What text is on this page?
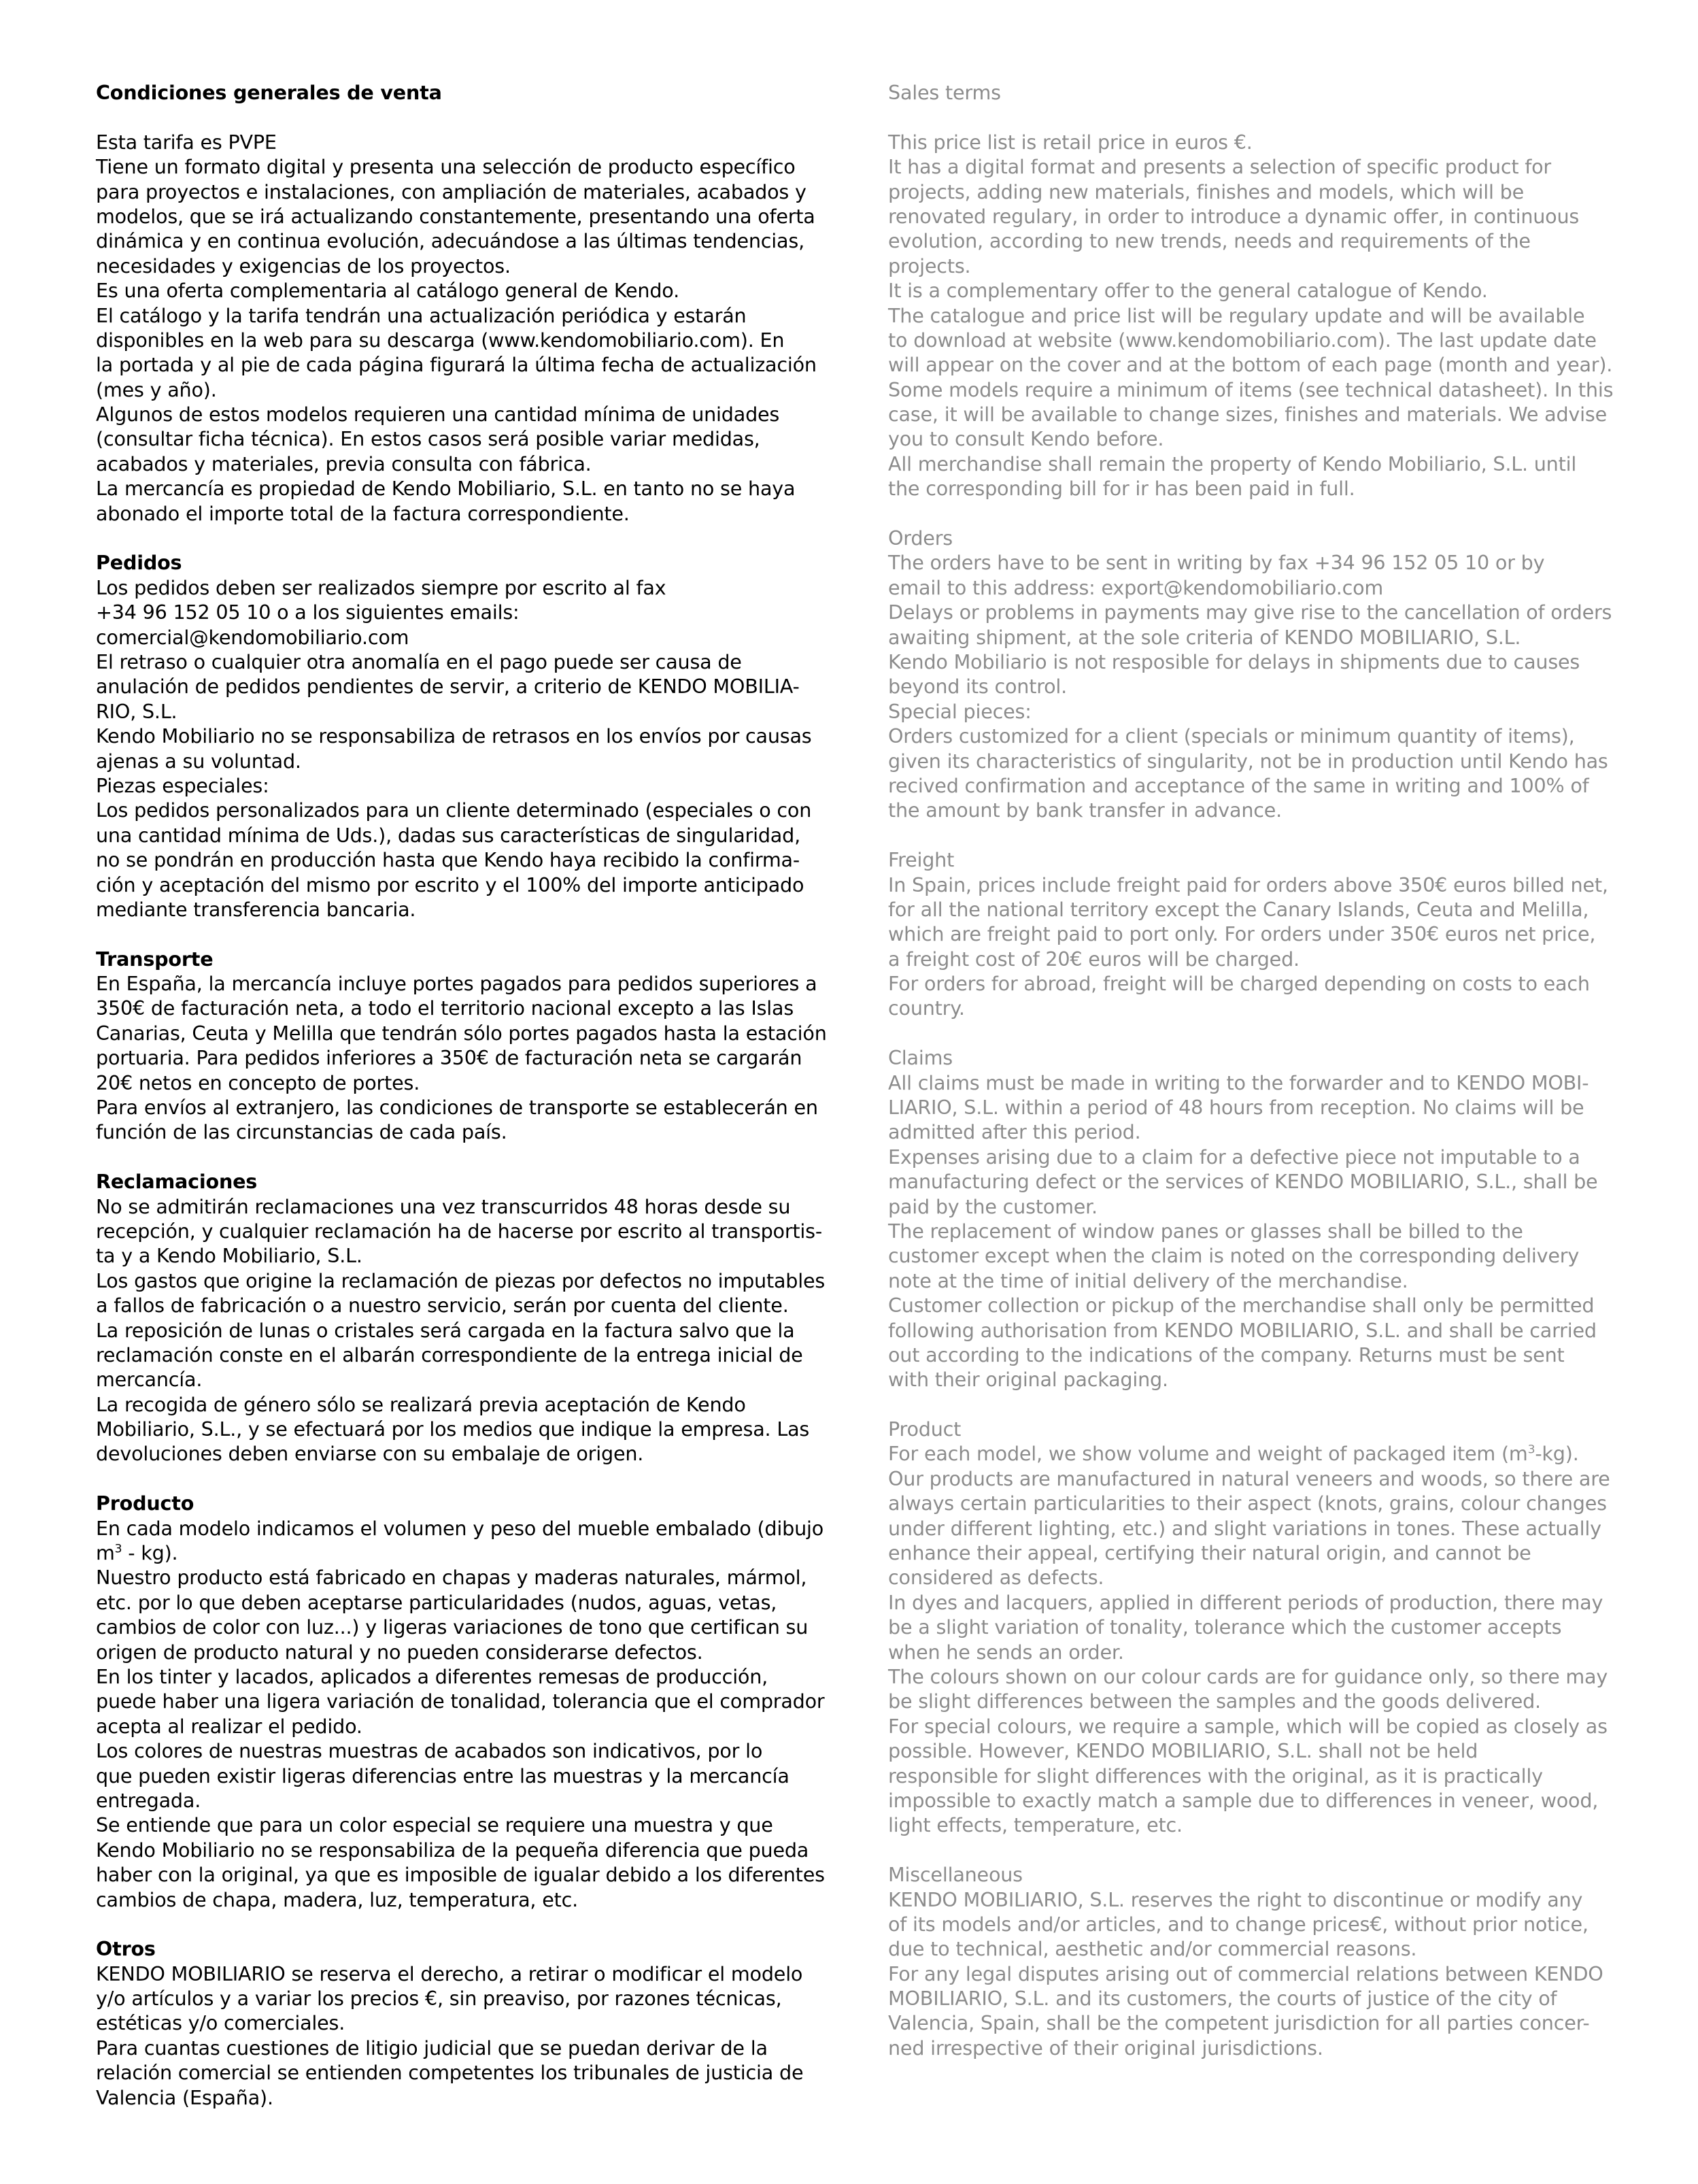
Condiciones generales de venta
Esta tarifa es PVPE
Tiene un formato digital y presenta una selección de producto específico
para proyectos e instalaciones, con ampliación de materiales, acabados y
modelos, que se irá actualizando constantemente, presentando una oferta
dinámica y en continua evolución, adecuándose a las últimas tendencias,
necesidades y exigencias de los proyectos.
Es una oferta complementaria al catálogo general de Kendo.
El catálogo y la tarifa tendrán una actualización periódica y estarán
disponibles en la web para su descarga (www.kendomobiliario.com). En
la portada y al pie de cada página figurará la última fecha de actualización
(mes y año).
Algunos de estos modelos requieren una cantidad mínima de unidades
(consultar ficha técnica). En estos casos será posible variar medidas,
acabados y materiales, previa consulta con fábrica.
La mercancía es propiedad de Kendo Mobiliario, S.L. en tanto no se haya
abonado el importe total de la factura correspondiente.
Pedidos
Los pedidos deben ser realizados siempre por escrito al fax
+34 96 152 05 10 o a los siguientes emails:
comercial@kendomobiliario.com
El retraso o cualquier otra anomalía en el pago puede ser causa de
anulación de pedidos pendientes de servir, a criterio de KENDO MOBILIA-
RIO, S.L.
Kendo Mobiliario no se responsabiliza de retrasos en los envíos por causas
ajenas a su voluntad.
Piezas especiales:
Los pedidos personalizados para un cliente determinado (especiales o con
una cantidad mínima de Uds.), dadas sus características de singularidad,
no se pondrán en producción hasta que Kendo haya recibido la confirma-
ción y aceptación del mismo por escrito y el 100% del importe anticipado
mediante transferencia bancaria.
Transporte
En España, la mercancía incluye portes pagados para pedidos superiores a
350€ de facturación neta, a todo el territorio nacional excepto a las Islas
Canarias, Ceuta y Melilla que tendrán sólo portes pagados hasta la estación
portuaria. Para pedidos inferiores a 350€ de facturación neta se cargarán
20€ netos en concepto de portes.
Para envíos al extranjero, las condiciones de transporte se establecerán en
función de las circunstancias de cada país.
Reclamaciones
No se admitirán reclamaciones una vez transcurridos 48 horas desde su
recepción, y cualquier reclamación ha de hacerse por escrito al transportis-
ta y a Kendo Mobiliario, S.L.
Los gastos que origine la reclamación de piezas por defectos no imputables
a fallos de fabricación o a nuestro servicio, serán por cuenta del cliente.
La reposición de lunas o cristales será cargada en la factura salvo que la
reclamación conste en el albarán correspondiente de la entrega inicial de
mercancía.
La recogida de género sólo se realizará previa aceptación de Kendo
Mobiliario, S.L., y se efectuará por los medios que indique la empresa. Las
devoluciones deben enviarse con su embalaje de origen.
Producto
En cada modelo indicamos el volumen y peso del mueble embalado (dibujo
$m^3 - kg$).
Nuestro producto está fabricado en chapas y maderas naturales, mármol,
etc. por lo que deben aceptarse particularidades (nudos, aguas, vetas,
cambios de color con luz...) y ligeras variaciones de tono que certifican su
origen de producto natural y no pueden considerarse defectos.
En los tinter y lacados, aplicados a diferentes remesas de producción,
puede haber una ligera variación de tonalidad, tolerancia que el comprador
acepta al realizar el pedido.
Los colores de nuestras muestras de acabados son indicativos, por lo
que pueden existir ligeras diferencias entre las muestras y la mercancía
entregada.
Se entiende que para un color especial se requiere una muestra y que
Kendo Mobiliario no se responsabiliza de la pequeña diferencia que pueda
haber con la original, ya que es imposible de igualar debido a los diferentes
cambios de chapa, madera, luz, temperatura, etc.
Otros
KENDO MOBILIARIO se reserva el derecho, a retirar o modificar el modelo
y/o artículos y a variar los precios €, sin preaviso, por razones técnicas,
estéticas y/o comerciales.
Para cuantas cuestiones de litigio judicial que se puedan derivar de la
relación comercial se entienden competentes los tribunales de justicia de
Valencia (España).
Sales terms
This price list is retail price in euros €.
It has a digital format and presents a selection of specific product for
projects, adding new materials, finishes and models, which will be
renovated regulary, in order to introduce a dynamic offer, in continuous
evolution, according to new trends, needs and requirements of the
projects.
It is a complementary offer to the general catalogue of Kendo.
The catalogue and price list will be regulary update and will be available
to download at website (www.kendomobiliario.com). The last update date
will appear on the cover and at the bottom of each page (month and year).
Some models require a minimum of items (see technical datasheet). In this
case, it will be available to change sizes, finishes and materials. We advise
you to consult Kendo before.
All merchandise shall remain the property of Kendo Mobiliario, S.L. until
the corresponding bill for ir has been paid in full.
Orders
The orders have to be sent in writing by fax +34 96 152 05 10 or by
email to this address: export@kendomobiliario.com
Delays or problems in payments may give rise to the cancellation of orders
awaiting shipment, at the sole criteria of KENDO MOBILIARIO, S.L.
Kendo Mobiliario is not resposible for delays in shipments due to causes
beyond its control.
Special pieces:
Orders customized for a client (specials or minimum quantity of items),
given its characteristics of singularity, not be in production until Kendo has
recived confirmation and acceptance of the same in writing and 100% of
the amount by bank transfer in advance.
Freight
In Spain, prices include freight paid for orders above 350€ euros billed net,
for all the national territory except the Canary Islands, Ceuta and Melilla,
which are freight paid to port only. For orders under 350€ euros net price,
a freight cost of 20€ euros will be charged.
For orders for abroad, freight will be charged depending on costs to each
country.
Claims
All claims must be made in writing to the forwarder and to KENDO MOBI-
LIARIO, S.L. within a period of 48 hours from reception. No claims will be
admitted after this period.
Expenses arising due to a claim for a defective piece not imputable to a
manufacturing defect or the services of KENDO MOBILIARIO, S.L., shall be
paid by the customer.
The replacement of window panes or glasses shall be billed to the
customer except when the claim is noted on the corresponding delivery
note at the time of initial delivery of the merchandise.
Customer collection or pickup of the merchandise shall only be permitted
following authorisation from KENDO MOBILIARIO, S.L. and shall be carried
out according to the indications of the company. Returns must be sent
with their original packaging.
Product
For each model, we show volume and weight of packaged item $(m^3-kg)$.
Our products are manufactured in natural veneers and woods, so there are
always certain particularities to their aspect (knots, grains, colour changes
under different lighting, etc.) and slight variations in tones. These actually
enhance their appeal, certifying their natural origin, and cannot be
considered as defects.
In dyes and lacquers, applied in different periods of production, there may
be a slight variation of tonality, tolerance which the customer accepts
when he sends an order.
The colours shown on our colour cards are for guidance only, so there may
be slight differences between the samples and the goods delivered.
For special colours, we require a sample, which will be copied as closely as
possible. However, KENDO MOBILIARIO, S.L. shall not be held
responsible for slight differences with the original, as it is practically
impossible to exactly match a sample due to differences in veneer, wood,
light effects, temperature, etc.
Miscellaneous
KENDO MOBILIARIO, S.L. reserves the right to discontinue or modify any
of its models and/or articles, and to change prices€, without prior notice,
due to technical, aesthetic and/or commercial reasons.
For any legal disputes arising out of commercial relations between KENDO
MOBILIARIO, S.L. and its customers, the courts of justice of the city of
Valencia, Spain, shall be the competent jurisdiction for all parties concer-
ned irrespective of their original jurisdictions.
